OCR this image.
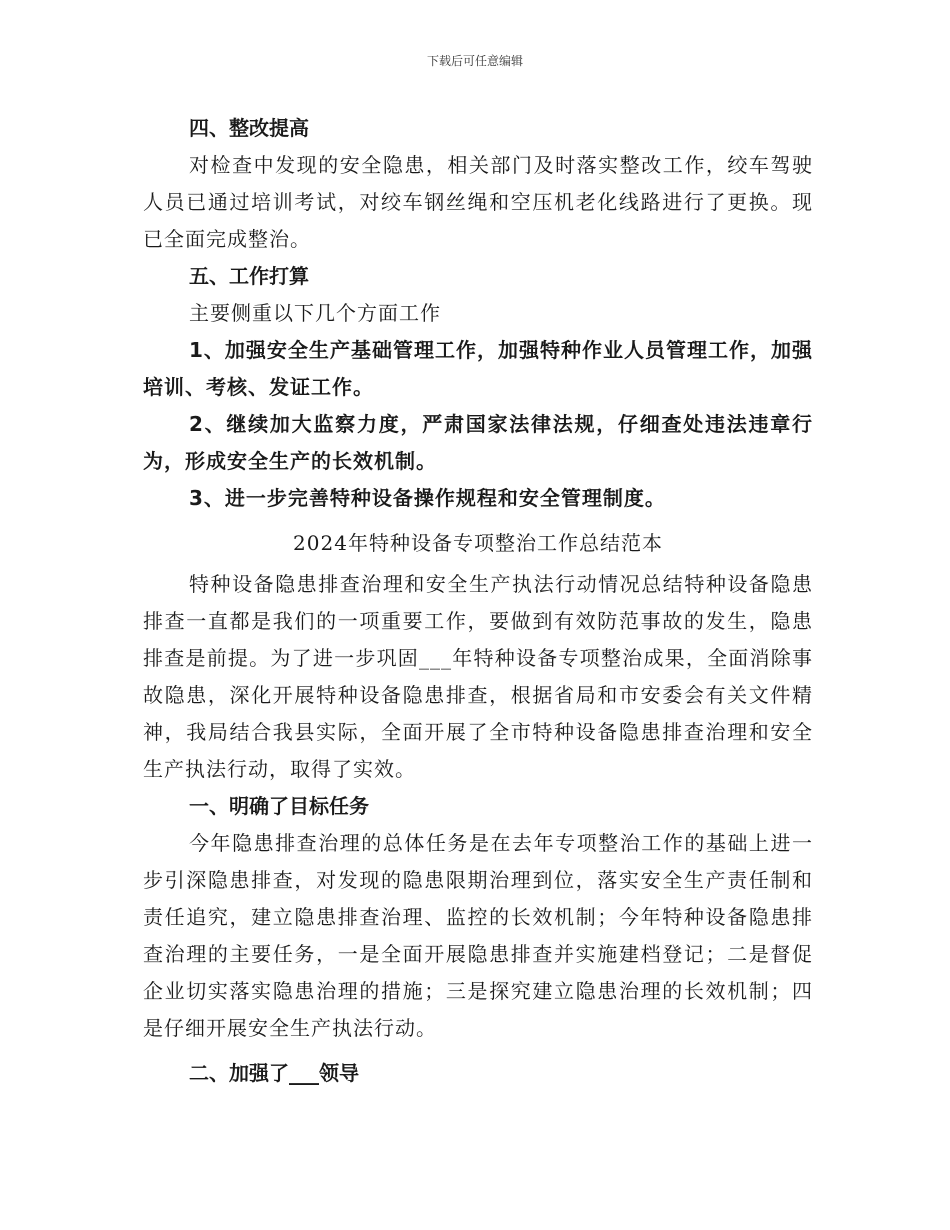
下载后可任意编辑
四、整改提高
对检查中发现的安全隐患，相关部门及时落实整改工作，绞车驾驶人员已通过培训考试，对绞车钢丝绳和空压机老化线路进行了更换。现已全面完成整治。
五、工作打算
主要侧重以下几个方面工作
1、加强安全生产基础管理工作，加强特种作业人员管理工作，加强培训、考核、发证工作。
2、继续加大监察力度，严肃国家法律法规，仔细查处违法违章行为，形成安全生产的长效机制。
3、进一步完善特种设备操作规程和安全管理制度。
2024年特种设备专项整治工作总结范本
特种设备隐患排查治理和安全生产执法行动情况总结特种设备隐患排查一直都是我们的一项重要工作，要做到有效防范事故的发生，隐患排查是前提。为了进一步巩固___年特种设备专项整治成果，全面消除事故隐患，深化开展特种设备隐患排查，根据省局和市安委会有关文件精神，我局结合我县实际，全面开展了全市特种设备隐患排查治理和安全生产执法行动，取得了实效。
一、明确了目标任务
今年隐患排查治理的总体任务是在去年专项整治工作的基础上进一步引深隐患排查，对发现的隐患限期治理到位，落实安全生产责任制和责任追究，建立隐患排查治理、监控的长效机制；今年特种设备隐患排查治理的主要任务，一是全面开展隐患排查并实施建档登记；二是督促企业切实落实隐患治理的措施；三是探究建立隐患治理的长效机制；四是仔细开展安全生产执法行动。
二、加强了___领导
